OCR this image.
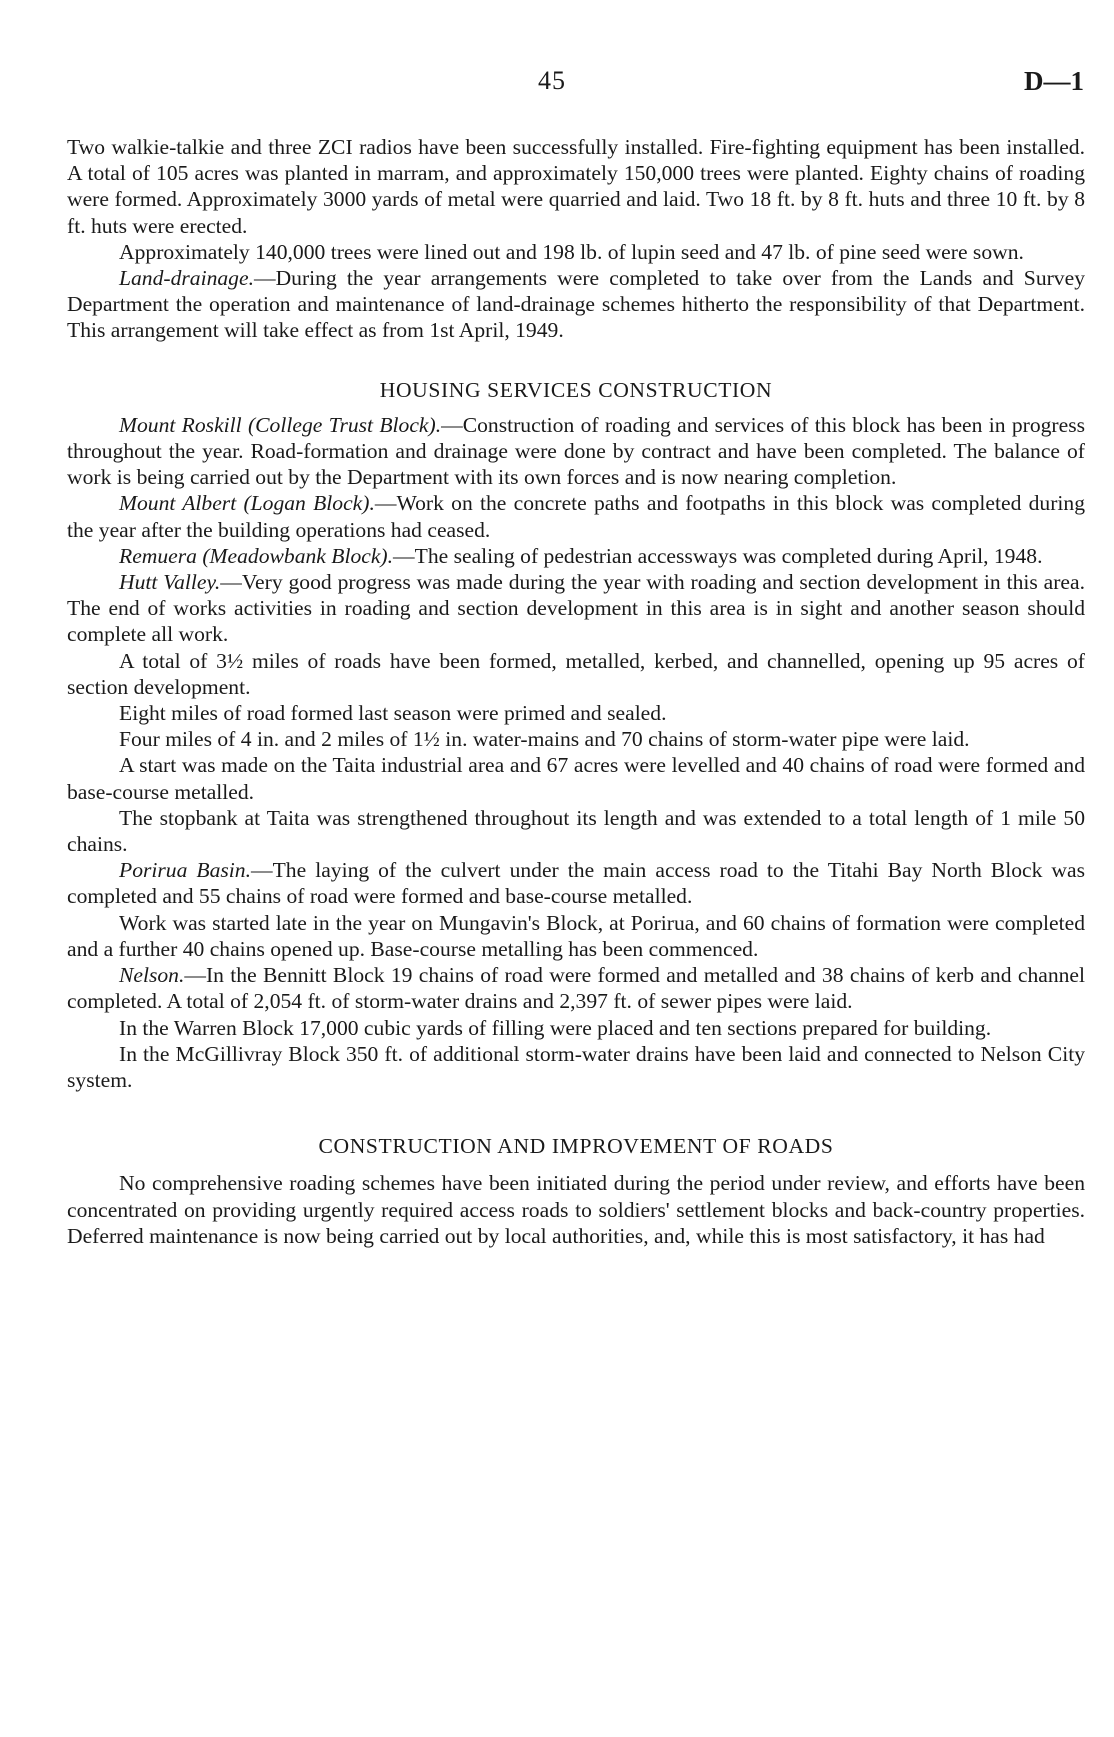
45	D—1

Two walkie-talkie and three ZCI radios have been successfully installed. Fire-fighting equipment has been installed. A total of 105 acres was planted in marram, and approximately 150,000 trees were planted. Eighty chains of roading were formed. Approximately 3000 yards of metal were quarried and laid. Two 18 ft. by 8 ft. huts and three 10 ft. by 8 ft. huts were erected.

Approximately 140,000 trees were lined out and 198 lb. of lupin seed and 47 lb. of pine seed were sown.

Land-drainage.—During the year arrangements were completed to take over from the Lands and Survey Department the operation and maintenance of land-drainage schemes hitherto the responsibility of that Department. This arrangement will take effect as from 1st April, 1949.

HOUSING SERVICES CONSTRUCTION

Mount Roskill (College Trust Block).—Construction of roading and services of this block has been in progress throughout the year. Road-formation and drainage were done by contract and have been completed. The balance of work is being carried out by the Department with its own forces and is now nearing completion.

Mount Albert (Logan Block).—Work on the concrete paths and footpaths in this block was completed during the year after the building operations had ceased.

Remuera (Meadowbank Block).—The sealing of pedestrian accessways was completed during April, 1948.

Hutt Valley.—Very good progress was made during the year with roading and section development in this area. The end of works activities in roading and section development in this area is in sight and another season should complete all work.

A total of 3½ miles of roads have been formed, metalled, kerbed, and channelled, opening up 95 acres of section development.

Eight miles of road formed last season were primed and sealed.

Four miles of 4 in. and 2 miles of 1½ in. water-mains and 70 chains of storm-water pipe were laid.

A start was made on the Taita industrial area and 67 acres were levelled and 40 chains of road were formed and base-course metalled.

The stopbank at Taita was strengthened throughout its length and was extended to a total length of 1 mile 50 chains.

Porirua Basin.—The laying of the culvert under the main access road to the Titahi Bay North Block was completed and 55 chains of road were formed and base-course metalled.

Work was started late in the year on Mungavin's Block, at Porirua, and 60 chains of formation were completed and a further 40 chains opened up. Base-course metalling has been commenced.

Nelson.—In the Bennitt Block 19 chains of road were formed and metalled and 38 chains of kerb and channel completed. A total of 2,054 ft. of storm-water drains and 2,397 ft. of sewer pipes were laid.

In the Warren Block 17,000 cubic yards of filling were placed and ten sections prepared for building.

In the McGillivray Block 350 ft. of additional storm-water drains have been laid and connected to Nelson City system.

CONSTRUCTION AND IMPROVEMENT OF ROADS

No comprehensive roading schemes have been initiated during the period under review, and efforts have been concentrated on providing urgently required access roads to soldiers' settlement blocks and back-country properties. Deferred maintenance is now being carried out by local authorities, and, while this is most satisfactory, it has had
